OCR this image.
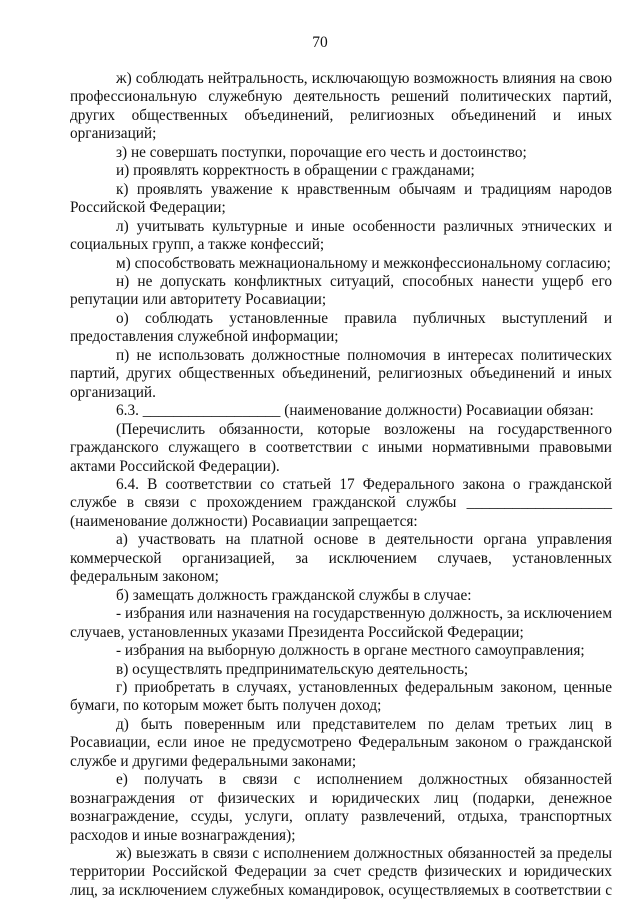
70

ж) соблюдать нейтральность, исключающую возможность влияния на свою профессиональную служебную деятельность решений политических партий, других общественных объединений, религиозных объединений и иных организаций;

з) не совершать поступки, порочащие его честь и достоинство;

и) проявлять корректность в обращении с гражданами;

к) проявлять уважение к нравственным обычаям и традициям народов Российской Федерации;

л) учитывать культурные и иные особенности различных этнических и социальных групп, а также конфессий;

м) способствовать межнациональному и межконфессиональному согласию;

н) не допускать конфликтных ситуаций, способных нанести ущерб его репутации или авторитету Росавиации;

о) соблюдать установленные правила публичных выступлений и предоставления служебной информации;

п) не использовать должностные полномочия в интересах политических партий, других общественных объединений, религиозных объединений и иных организаций.

6.3. __________________ (наименование должности) Росавиации обязан:

(Перечислить обязанности, которые возложены на государственного гражданского служащего в соответствии с иными нормативными правовыми актами Российской Федерации).

6.4. В соответствии со статьей 17 Федерального закона о гражданской службе в связи с прохождением гражданской службы ___________________ (наименование должности) Росавиации запрещается:

а) участвовать на платной основе в деятельности органа управления коммерческой организацией, за исключением случаев, установленных федеральным законом;

б) замещать должность гражданской службы в случае:

- избрания или назначения на государственную должность, за исключением случаев, установленных указами Президента Российской Федерации;

- избрания на выборную должность в органе местного самоуправления;

в) осуществлять предпринимательскую деятельность;

г) приобретать в случаях, установленных федеральным законом, ценные бумаги, по которым может быть получен доход;

д) быть поверенным или представителем по делам третьих лиц в Росавиации, если иное не предусмотрено Федеральным законом о гражданской службе и другими федеральными законами;

е) получать в связи с исполнением должностных обязанностей вознаграждения от физических и юридических лиц (подарки, денежное вознаграждение, ссуды, услуги, оплату развлечений, отдыха, транспортных расходов и иные вознаграждения);

ж) выезжать в связи с исполнением должностных обязанностей за пределы территории Российской Федерации за счет средств физических и юридических лиц, за исключением служебных командировок, осуществляемых в соответствии с
